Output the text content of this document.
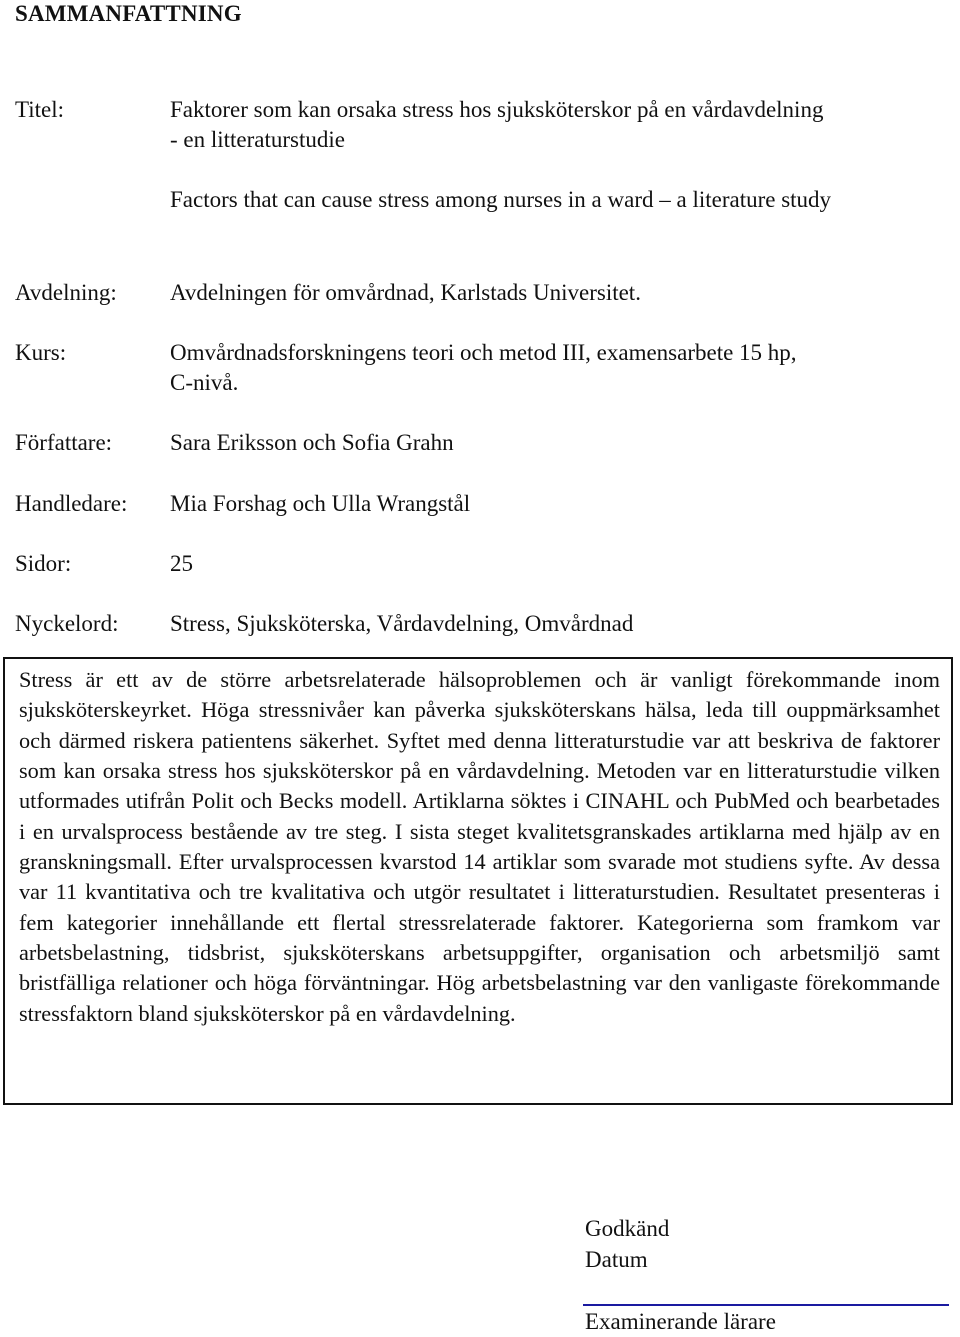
SAMMANFATTNING
Titel:	Faktorer som kan orsaka stress hos sjuksköterskor på en vårdavdelning
- en litteraturstudie
Factors that can cause stress among nurses in a ward – a literature study
Avdelning: Avdelningen för omvårdnad, Karlstads Universitet.
Kurs:	Omvårdnadsforskningens teori och metod III, examensarbete 15 hp,
C-nivå.
Författare:	Sara Eriksson och Sofia Grahn
Handledare: Mia Forshag och Ulla Wrangstål
Sidor:	25
Nyckelord: Stress, Sjuksköterska, Vårdavdelning, Omvårdnad
Stress är ett av de större arbetsrelaterade hälsoproblemen och är vanligt förekommande inom sjuksköterskeyrket. Höga stressnivåer kan påverka sjuksköterskans hälsa, leda till ouppmärksamhet och därmed riskera patientens säkerhet. Syftet med denna litteraturstudie var att beskriva de faktorer som kan orsaka stress hos sjuksköterskor på en vårdavdelning. Metoden var en litteraturstudie vilken utformades utifrån Polit och Becks modell. Artiklarna söktes i CINAHL och PubMed och bearbetades i en urvalsprocess bestående av tre steg. I sista steget kvalitetsgranskades artiklarna med hjälp av en granskningsmall. Efter urvalsprocessen kvarstod 14 artiklar som svarade mot studiens syfte. Av dessa var 11 kvantitativa och tre kvalitativa och utgör resultatet i litteraturstudien. Resultatet presenteras i fem kategorier innehållande ett flertal stressrelaterade faktorer. Kategorierna som framkom var arbetsbelastning, tidsbrist, sjuksköterskans arbetsuppgifter, organisation och arbetsmiljö samt bristfälliga relationer och höga förväntningar. Hög arbetsbelastning var den vanligaste förekommande stressfaktorn bland sjuksköterskor på en vårdavdelning.
Godkänd
Datum
Examinerande lärare
